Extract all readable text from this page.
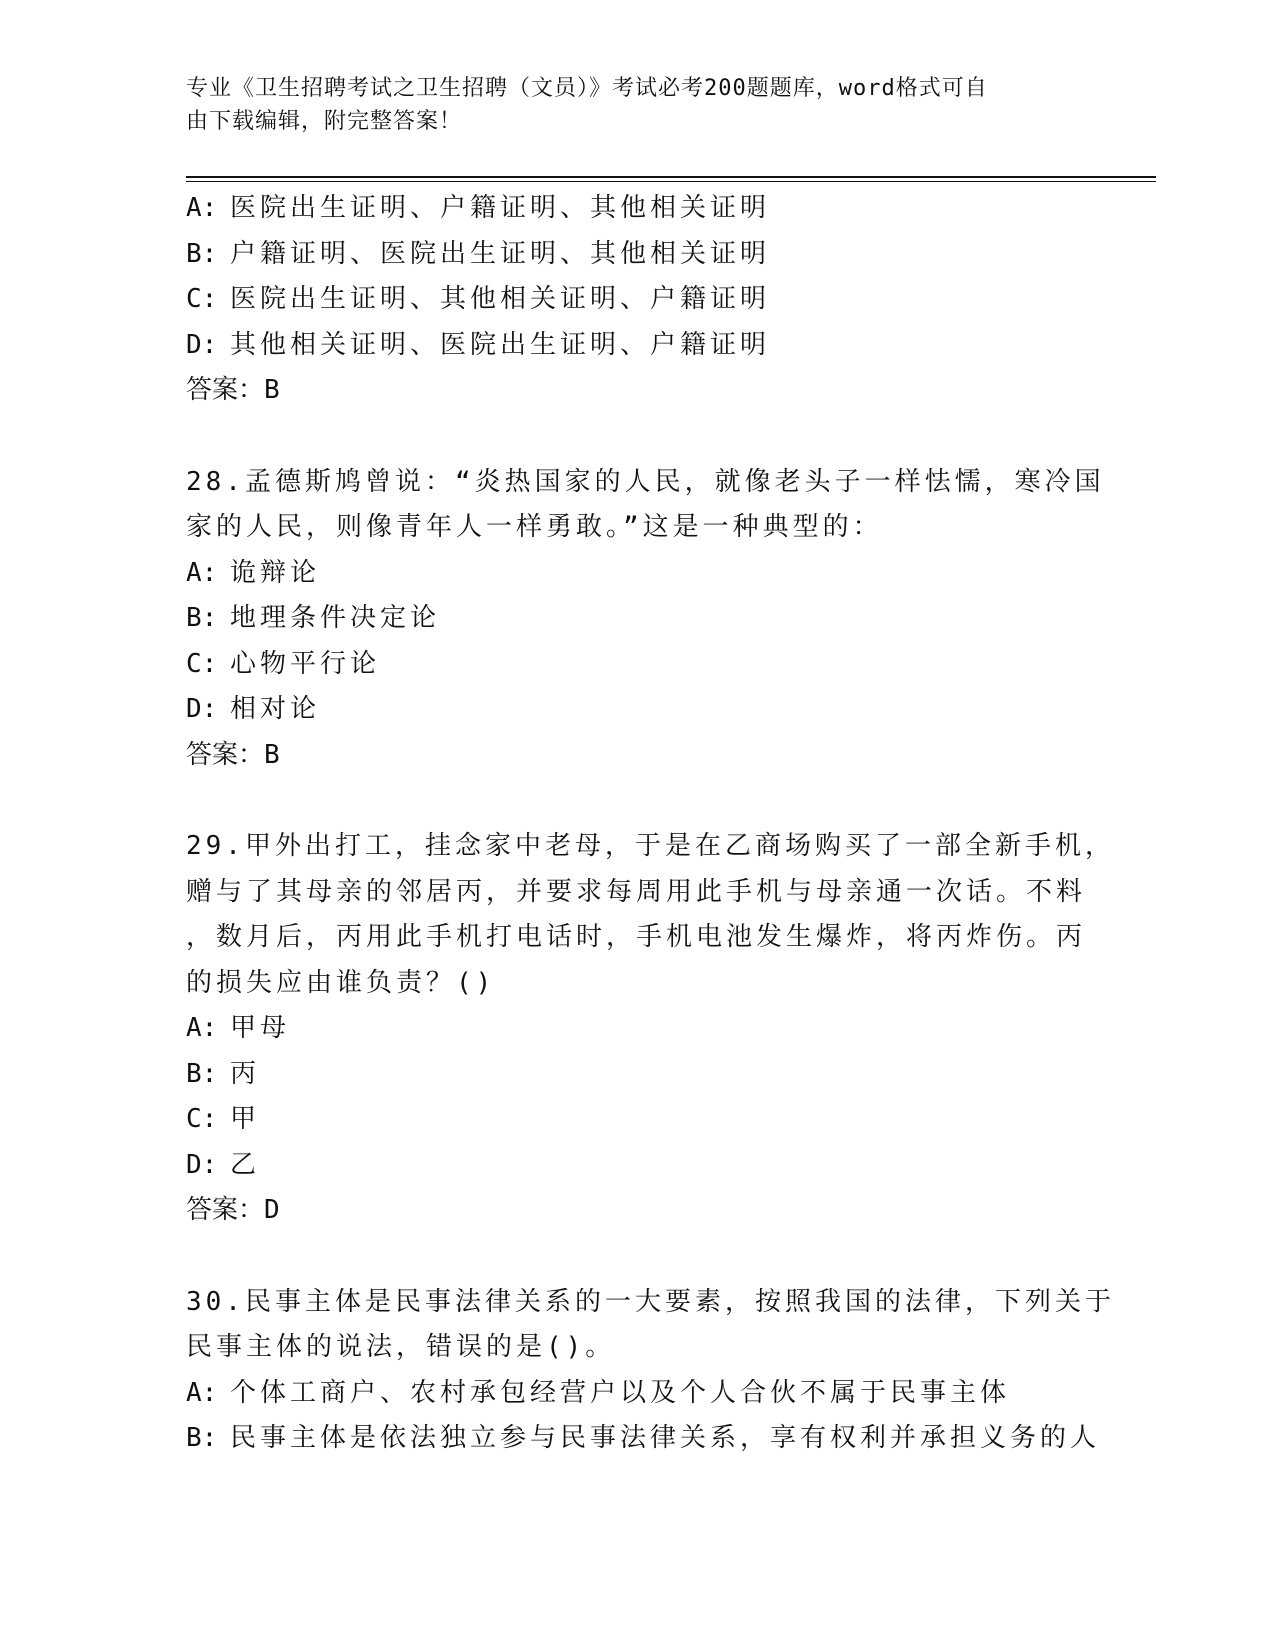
专业《卫生招聘考试之卫生招聘（文员）》考试必考200题题库，word格式可自
由下载编辑，附完整答案！
A: 医院出生证明、户籍证明、其他相关证明
B: 户籍证明、医院出生证明、其他相关证明
C: 医院出生证明、其他相关证明、户籍证明
D: 其他相关证明、医院出生证明、户籍证明
答案：B
28.孟德斯鸠曾说：“炎热国家的人民，就像老头子一样怯懦，寒冷国
家的人民，则像青年人一样勇敢。”这是一种典型的：
A: 诡辩论
B: 地理条件决定论
C: 心物平行论
D: 相对论
答案：B
29.甲外出打工，挂念家中老母，于是在乙商场购买了一部全新手机，
赠与了其母亲的邻居丙，并要求每周用此手机与母亲通一次话。不料
，数月后，丙用此手机打电话时，手机电池发生爆炸，将丙炸伤。丙
的损失应由谁负责？()
A: 甲母
B: 丙
C: 甲
D: 乙
答案：D
30.民事主体是民事法律关系的一大要素，按照我国的法律，下列关于
民事主体的说法，错误的是()。
A: 个体工商户、农村承包经营户以及个人合伙不属于民事主体
B: 民事主体是依法独立参与民事法律关系，享有权利并承担义务的人
